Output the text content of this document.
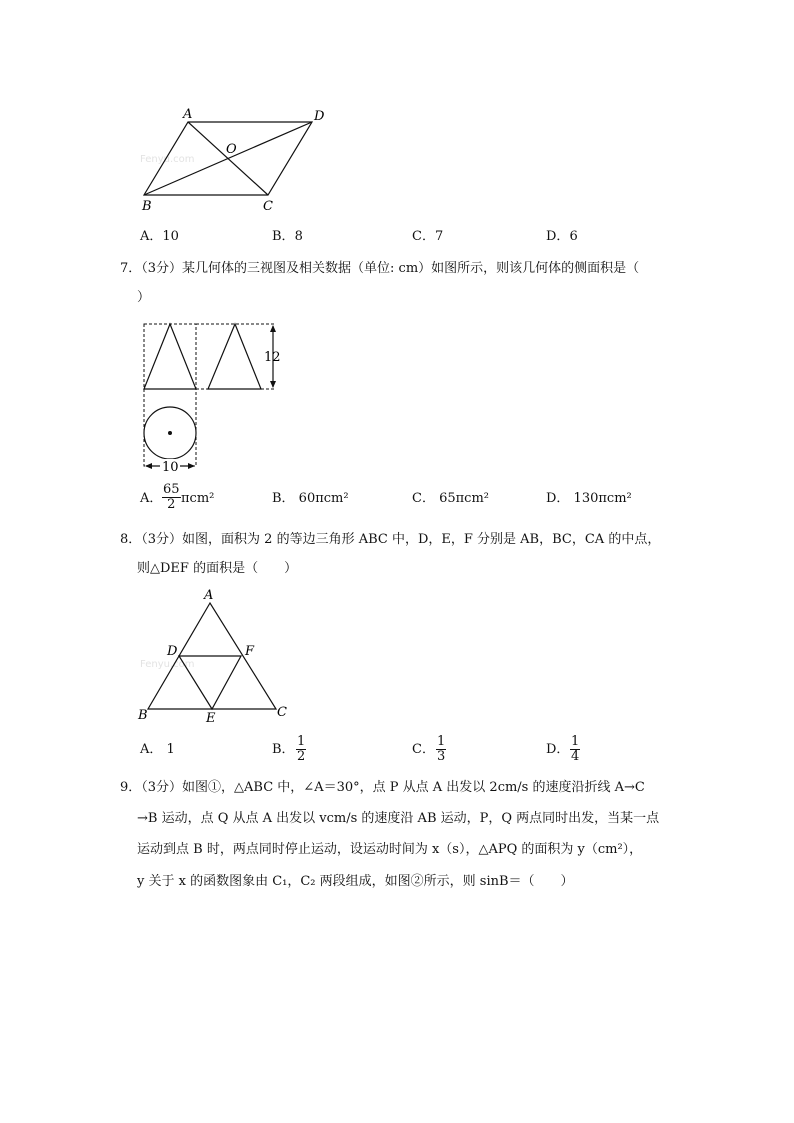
Fenyu.com
A	D
O
B	C
A．10	B．8	C．7	D．6
7．（3分）某几何体的三视图及相关数据（单位: cm）如图所示，则该几何体的侧面积是（
）
12
10
A． $\frac{65}{2} \pi cm^2$	B． 60πcm²	C． 65πcm²	D． 130πcm²
8．（3分）如图，面积为 2 的等边三角形 ABC 中，D，E，F 分别是 AB，BC，CA 的中点，
则△DEF 的面积是（　　）
Fenyu.com
A
D	F
B	E	C
A． 1	B． $\frac{1}{2}$	C． $\frac{1}{3}$	D． $\frac{1}{4}$
9．（3分）如图①，△ABC 中，∠A＝30°，点 P 从点 A 出发以 2cm/s 的速度沿折线 A→C
→B 运动，点 Q 从点 A 出发以 vcm/s 的速度沿 AB 运动，P，Q 两点同时出发，当某一点
运动到点 B 时，两点同时停止运动，设运动时间为 x（s），△APQ 的面积为 y（cm²），
y 关于 x 的函数图象由 C₁，C₂ 两段组成，如图②所示，则 sinB＝（　　）
